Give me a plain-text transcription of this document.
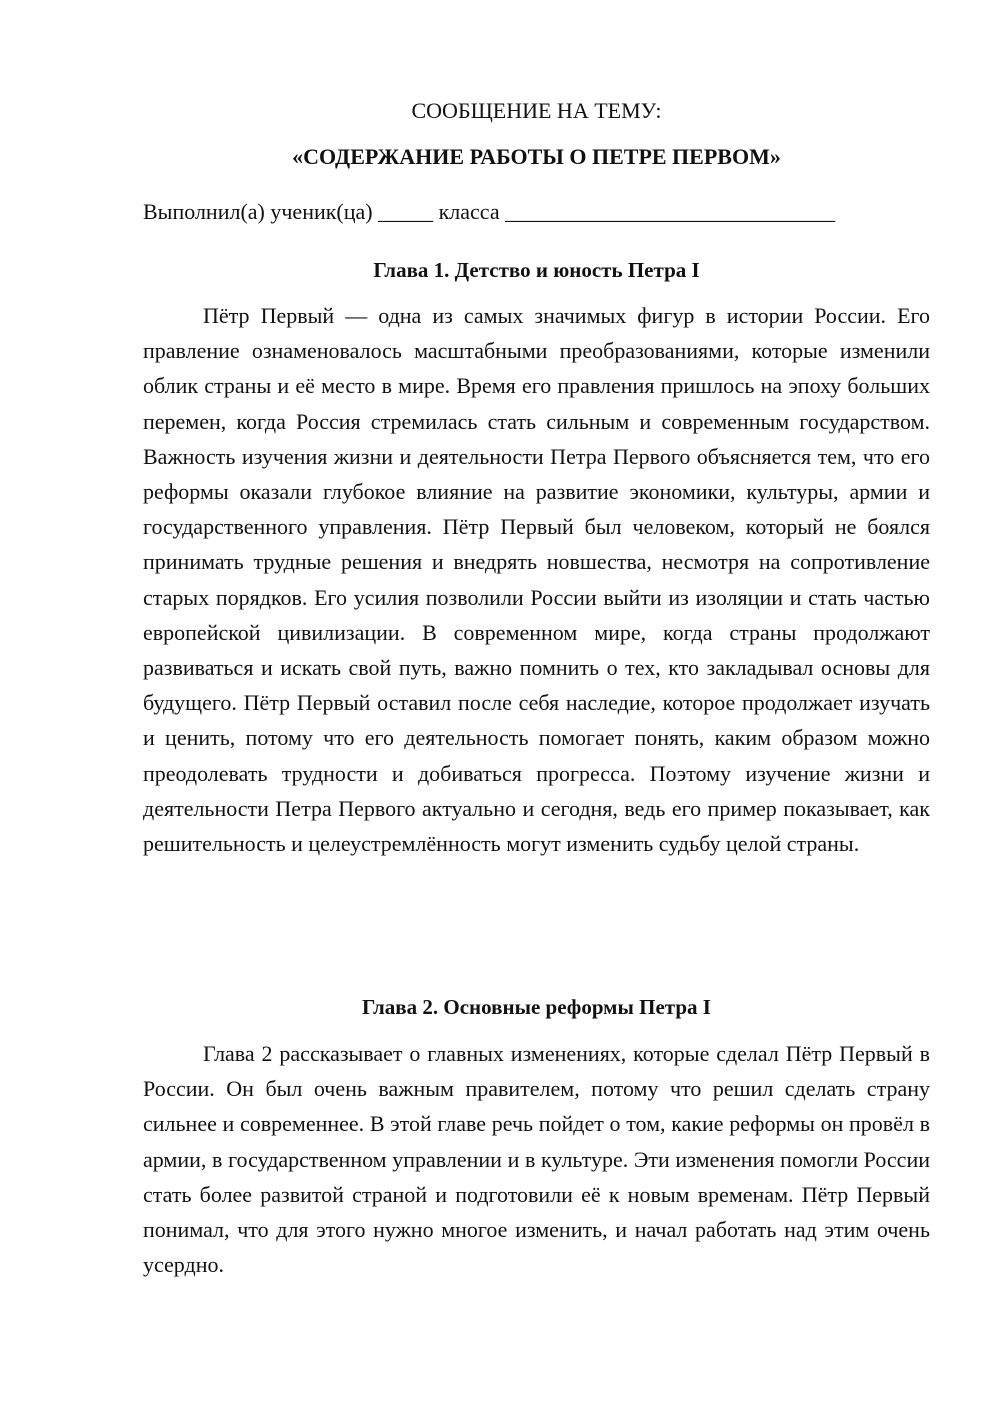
СООБЩЕНИЕ НА ТЕМУ:
«СОДЕРЖАНИЕ РАБОТЫ О ПЕТРЕ ПЕРВОМ»
Выполнил(а) ученик(ца) _____ класса ______________________________
Глава 1. Детство и юность Петра I

Пётр Первый — одна из самых значимых фигур в истории России. Его правление ознаменовалось масштабными преобразованиями, которые изменили облик страны и её место в мире. Время его правления пришлось на эпоху больших перемен, когда Россия стремилась стать сильным и современным государством. Важность изучения жизни и деятельности Петра Первого объясняется тем, что его реформы оказали глубокое влияние на развитие экономики, культуры, армии и государственного управления. Пётр Первый был человеком, который не боялся принимать трудные решения и внедрять новшества, несмотря на сопротивление старых порядков. Его усилия позволили России выйти из изоляции и стать частью европейской цивилизации. В современном мире, когда страны продолжают развиваться и искать свой путь, важно помнить о тех, кто закладывал основы для будущего. Пётр Первый оставил после себя наследие, которое продолжает изучать и ценить, потому что его деятельность помогает понять, каким образом можно преодолевать трудности и добиваться прогресса. Поэтому изучение жизни и деятельности Петра Первого актуально и сегодня, ведь его пример показывает, как решительность и целеустремлённость могут изменить судьбу целой страны.

Глава 2. Основные реформы Петра I

Глава 2 рассказывает о главных изменениях, которые сделал Пётр Первый в России. Он был очень важным правителем, потому что решил сделать страну сильнее и современнее. В этой главе речь пойдет о том, какие реформы он провёл в армии, в государственном управлении и в культуре. Эти изменения помогли России стать более развитой страной и подготовили её к новым временам. Пётр Первый понимал, что для этого нужно многое изменить, и начал работать над этим очень усердно.
